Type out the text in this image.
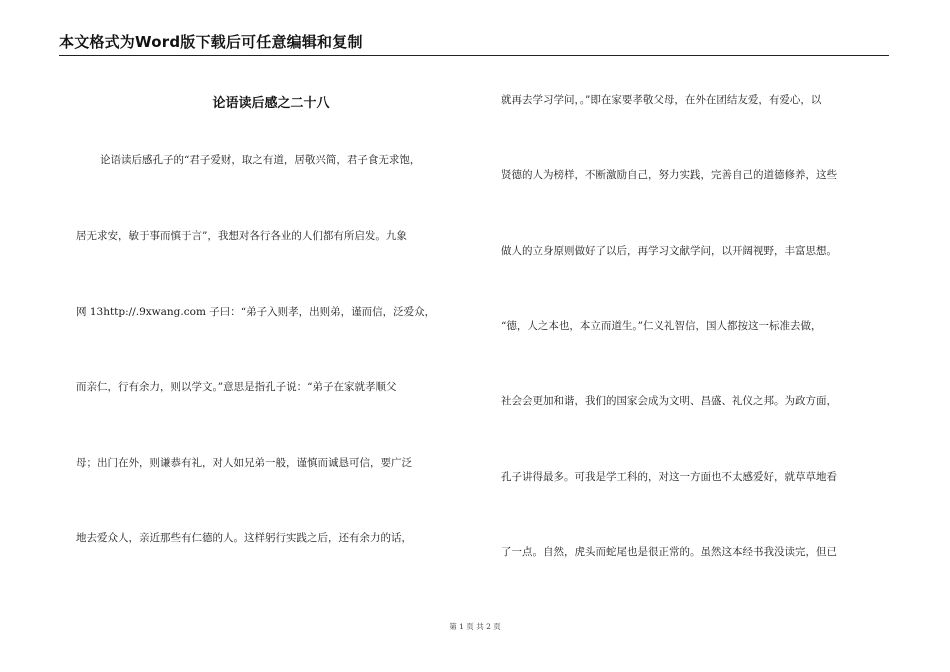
本文格式为Word版下载后可任意编辑和复制
论语读后感之二十八
论语读后感孔子的“君子爱财，取之有道，居敬兴简，君子食无求饱，
居无求安，敏于事而慎于言”，我想对各行各业的人们都有所启发。九象
网 13http://.9xwang.com 子曰：“弟子入则孝，出则弟，谨而信，泛爱众，
而亲仁，行有余力，则以学文。”意思是指孔子说：“弟子在家就孝顺父
母；出门在外，则谦恭有礼，对人如兄弟一般，谨慎而诚恳可信，要广泛
地去爱众人，亲近那些有仁德的人。这样躬行实践之后，还有余力的话，
就再去学习学问，。”即在家要孝敬父母，在外在团结友爱，有爱心，以
贤德的人为榜样，不断激励自己，努力实践，完善自己的道德修养，这些
做人的立身原则做好了以后，再学习文献学问，以开阔视野，丰富思想。
“德，人之本也，本立而道生。”仁义礼智信，国人都按这一标准去做，
社会会更加和谐，我们的国家会成为文明、昌盛、礼仪之邦。为政方面，
孔子讲得最多。可我是学工科的，对这一方面也不太感爱好，就草草地看
了一点。自然，虎头而蛇尾也是很正常的。虽然这本经书我没读完，但已
第 1 页 共 2 页
